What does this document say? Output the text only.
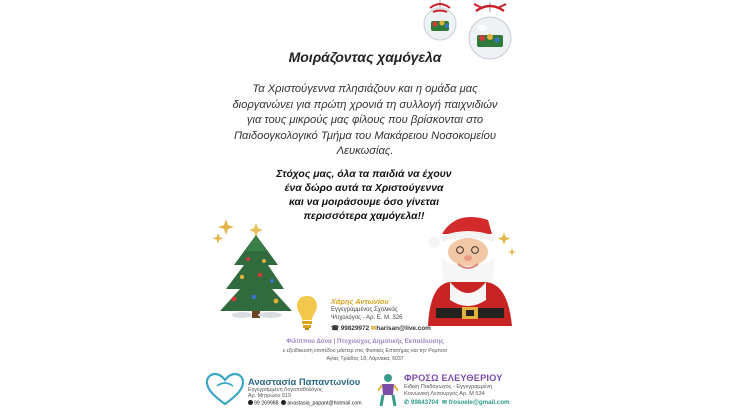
Μοιράζοντας χαμόγελα
Τα Χριστούγεννα πλησιάζουν και η ομάδα μας
διοργανώνει για πρώτη χρονιά τη συλλογή παιχνιδιών
για τους μικρούς μας φίλους που βρίσκονται στο
Παιδοογκολογικό Τμήμα του Μακάρειου Νοσοκομείου
Λευκωσίας.
Στόχος μας, όλα τα παιδιά να έχουν
ένα δώρο αυτά τα Χριστούγεννα
και να μοιράσουμε όσο γίνεται
περισσότερα χαμόγελα!!
Χάρης Αντωνίου
Εγγεγραμμένος Σχολικός
Ψυχολόγος - Αρ. Ε. Μ. 326
☎ 99829972 ✉harisan@live.com
Φιλίππου Δόνα | Πτυχιούχος Δημοτικής Εκπαίδευσης
ε εξειδίκευση επιπέδου μάστερ στις Φυσικές Επιστήμες και την Ρομποτι
Αγίας Τριάδος 18, Λάρνακα, 6037
Αναστασία Παπαντωνίου
Εγγεγραμμένη Λογοπαθολόγος
Αρ. Μητρώου 519
99 269988 anastasia_papant@hotmail.com
ΦΡΟΣΩ ΕΛΕΥΘΕΡΙΟΥ
Ειδική Παιδαγωγός - Εγγεγραμμένη
Κοινωνική Λειτουργός Αρ. Μ 534
✆ 99843704 ✉ frosoele@gmail.com
